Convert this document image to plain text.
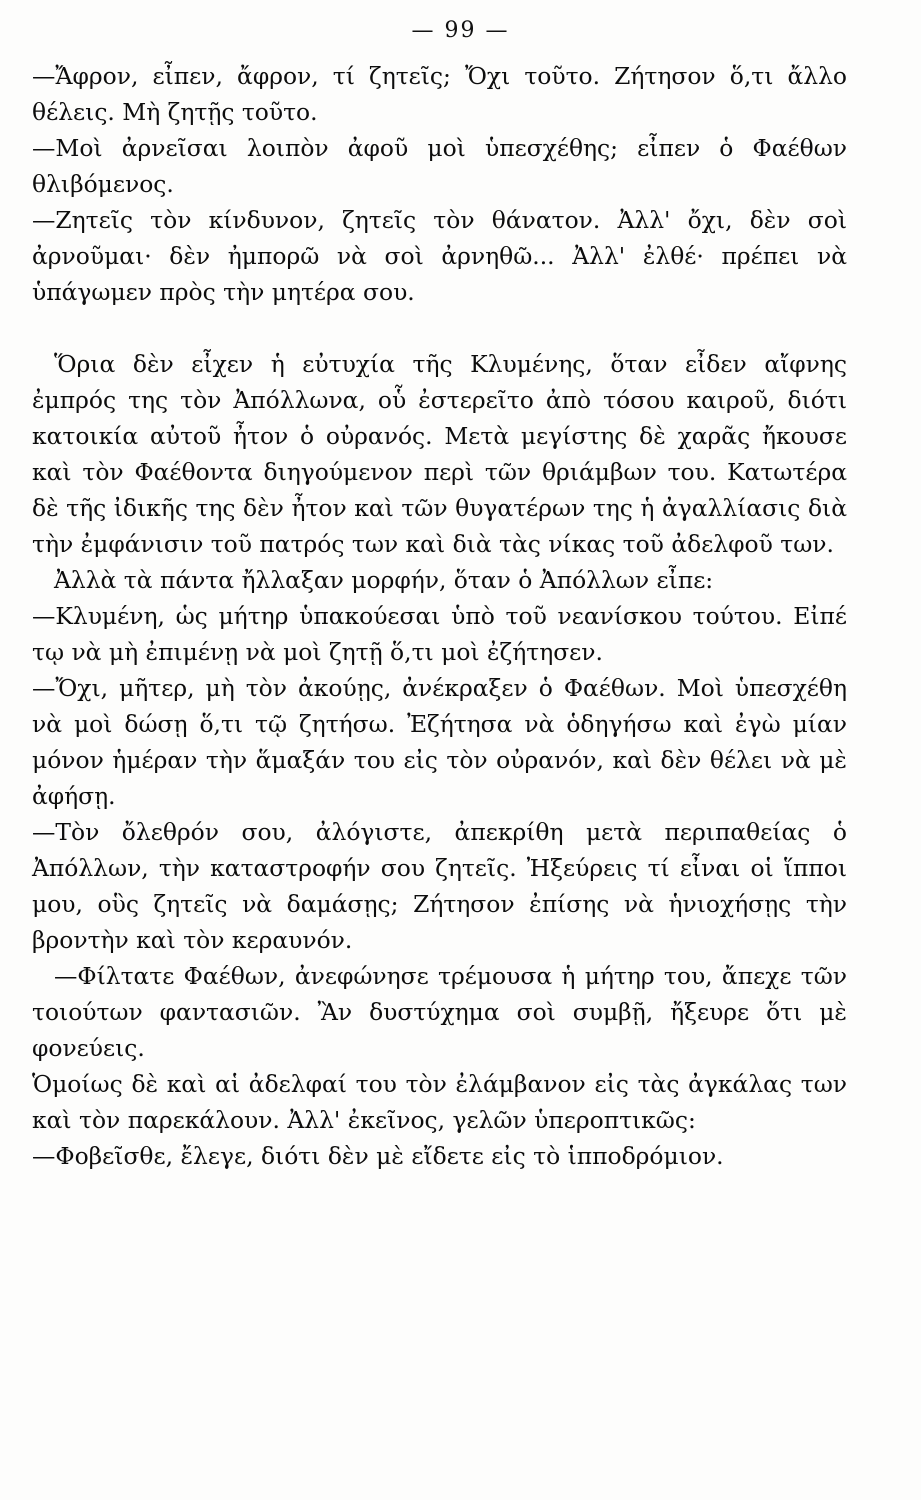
— 99 —

—Ἄφρον, εἶπεν, ἄφρον, τί ζητεῖς; Ὄχι τοῦτο. Ζήτησον ὅ,τι ἄλλο θέλεις. Μὴ ζητῇς τοῦτο.

—Μοὶ ἀρνεῖσαι λοιπὸν ἀφοῦ μοὶ ὑπεσχέθης; εἶπεν ὁ Φαέθων θλιβόμενος.

—Ζητεῖς τὸν κίνδυνον, ζητεῖς τὸν θάνατον. Ἀλλ' ὄχι, δὲν σοὶ ἀρνοῦμαι· δὲν ἠμπορῶ νὰ σοὶ ἀρνηθῶ... Ἀλλ' ἐλθέ· πρέπει νὰ ὑπάγωμεν πρὸς τὴν μητέρα σου.

Ὅρια δὲν εἶχεν ἡ εὐτυχία τῆς Κλυμένης, ὅταν εἶδεν αἴφνης ἐμπρός της τὸν Ἀπόλλωνα, οὗ ἐστερεῖτο ἀπὸ τόσου καιροῦ, διότι κατοικία αὐτοῦ ἦτον ὁ οὐρανός. Μετὰ μεγίστης δὲ χαρᾶς ἤκουσε καὶ τὸν Φαέθοντα διηγούμενον περὶ τῶν θριάμβων του. Κατωτέρα δὲ τῆς ἰδικῆς της δὲν ἦτον καὶ τῶν θυγατέρων της ἡ ἀγαλλίασις διὰ τὴν ἐμφάνισιν τοῦ πατρός των καὶ διὰ τὰς νίκας τοῦ ἀδελφοῦ των.

Ἀλλὰ τὰ πάντα ἤλλαξαν μορφήν, ὅταν ὁ Ἀπόλλων εἶπε:

—Κλυμένη, ὡς μήτηρ ὑπακούεσαι ὑπὸ τοῦ νεανίσκου τούτου. Εἰπέ τῳ νὰ μὴ ἐπιμένῃ νὰ μοὶ ζητῇ ὅ,τι μοὶ ἐζήτησεν.

—Ὄχι, μῆτερ, μὴ τὸν ἀκούῃς, ἀνέκραξεν ὁ Φαέθων. Μοὶ ὑπεσχέθη νὰ μοὶ δώσῃ ὅ,τι τῷ ζητήσω. Ἐζήτησα νὰ ὁδηγήσω καὶ ἐγὼ μίαν μόνον ἡμέραν τὴν ἅμαξάν του εἰς τὸν οὐρανόν, καὶ δὲν θέλει νὰ μὲ ἀφήσῃ.

—Τὸν ὄλεθρόν σου, ἀλόγιστε, ἀπεκρίθη μετὰ περιπαθείας ὁ Ἀπόλλων, τὴν καταστροφήν σου ζητεῖς. Ἠξεύρεις τί εἶναι οἱ ἵπποι μου, οὓς ζητεῖς νὰ δαμάσῃς; Ζήτησον ἐπίσης νὰ ἡνιοχήσῃς τὴν βροντὴν καὶ τὸν κεραυνόν.

—Φίλτατε Φαέθων, ἀνεφώνησε τρέμουσα ἡ μήτηρ του, ἄπεχε τῶν τοιούτων φαντασιῶν. Ἂν δυστύχημα σοὶ συμβῇ, ἤξευρε ὅτι μὲ φονεύεις.

Ὁμοίως δὲ καὶ αἱ ἀδελφαί του τὸν ἐλάμβανον εἰς τὰς ἀγκάλας των καὶ τὸν παρεκάλουν. Ἀλλ' ἐκεῖνος, γελῶν ὑπεροπτικῶς:

—Φοβεῖσθε, ἔλεγε, διότι δὲν μὲ εἴδετε εἰς τὸ ἱπποδρόμιον.
